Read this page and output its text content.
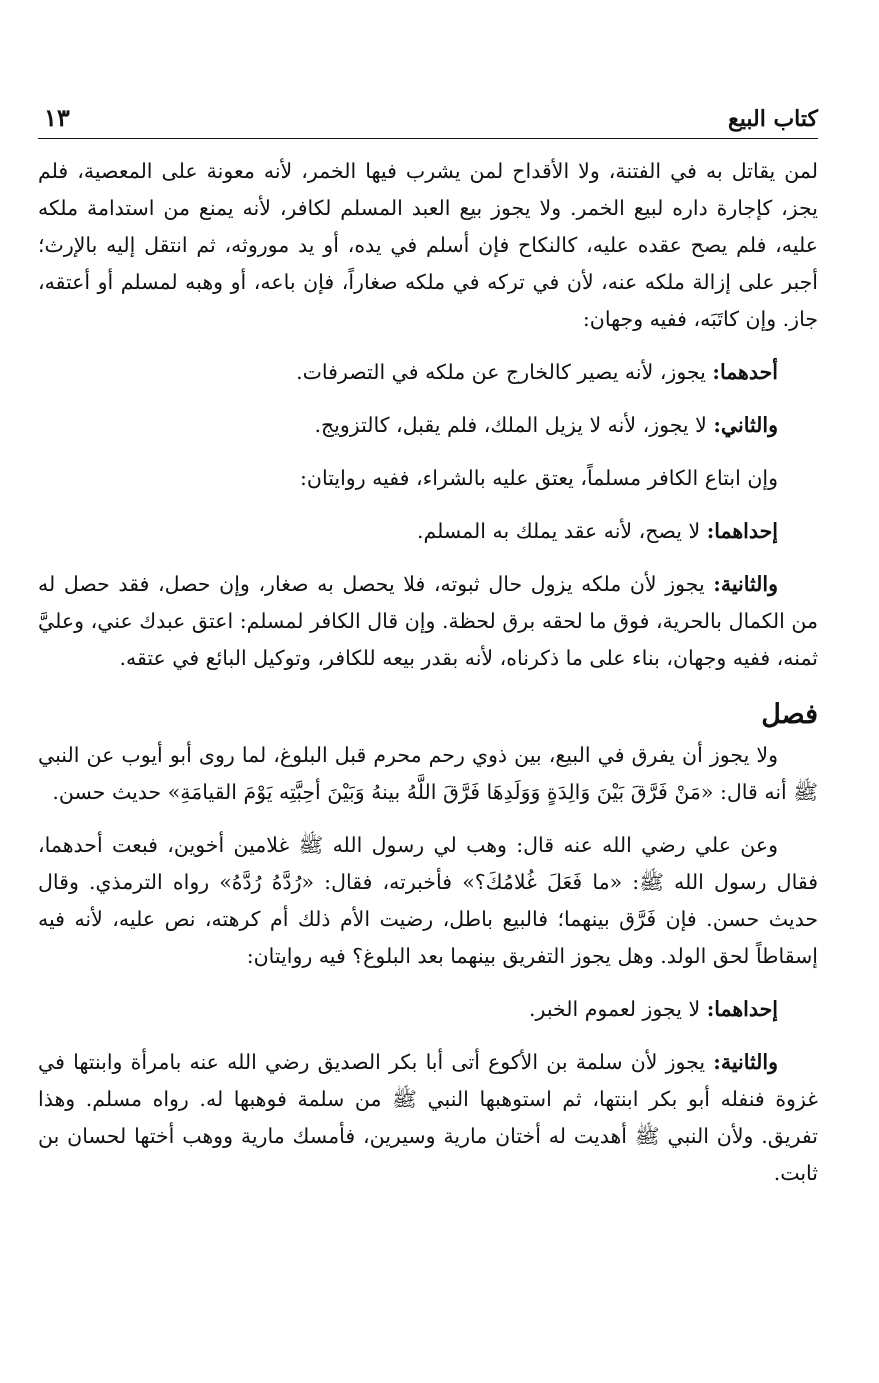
كتاب البيع
١٣

لمن يقاتل به في الفتنة، ولا الأقداح لمن يشرب فيها الخمر، لأنه معونة على المعصية، فلم يجز، كإجارة داره لبيع الخمر. ولا يجوز بيع العبد المسلم لكافر، لأنه يمنع من استدامة ملكه عليه، فلم يصح عقده عليه، كالنكاح فإن أسلم في يده، أو يد موروثه، ثم انتقل إليه بالإرث؛ أجبر على إزالة ملكه عنه، لأن في تركه في ملكه صغاراً، فإن باعه، أو وهبه لمسلم أو أعتقه، جاز. وإن كاتَبَه، ففيه وجهان:

أحدهما: يجوز، لأنه يصير كالخارج عن ملكه في التصرفات.

والثاني: لا يجوز، لأنه لا يزيل الملك، فلم يقبل، كالتزويج.

وإن ابتاع الكافر مسلماً، يعتق عليه بالشراء، ففيه روايتان:

إحداهما: لا يصح، لأنه عقد يملك به المسلم.

والثانية: يجوز لأن ملكه يزول حال ثبوته، فلا يحصل به صغار، وإن حصل، فقد حصل له من الكمال بالحرية، فوق ما لحقه برق لحظة. وإن قال الكافر لمسلم: اعتق عبدك عني، وعليَّ ثمنه، ففيه وجهان، بناء على ما ذكرناه، لأنه بقدر بيعه للكافر، وتوكيل البائع في عتقه.

فصل

ولا يجوز أن يفرق في البيع، بين ذوي رحم محرم قبل البلوغ، لما روى أبو أيوب عن النبي ﷺ أنه قال: «مَنْ فَرَّقَ بَيْنَ وَالِدَةٍ وَوَلَدِهَا فَرَّقَ اللَّهُ بينهُ وَبَيْنَ أحِبَّتِه يَوْمَ القيامَةِ» حديث حسن.

وعن علي رضي الله عنه قال: وهب لي رسول الله ﷺ غلامين أخوين، فبعت أحدهما، فقال رسول الله ﷺ: «ما فَعَلَ غُلامُكَ؟» فأخبرته، فقال: «رُدَّهُ رُدَّهُ» رواه الترمذي. وقال حديث حسن. فإن فَرَّق بينهما؛ فالبيع باطل، رضيت الأم ذلك أم كرهته، نص عليه، لأنه فيه إسقاطاً لحق الولد. وهل يجوز التفريق بينهما بعد البلوغ؟ فيه روايتان:

إحداهما: لا يجوز لعموم الخبر.

والثانية: يجوز لأن سلمة بن الأكوع أتى أبا بكر الصديق رضي الله عنه بامرأة وابنتها في غزوة فنفله أبو بكر ابنتها، ثم استوهبها النبي ﷺ من سلمة فوهبها له. رواه مسلم. وهذا تفريق. ولأن النبي ﷺ أهديت له أختان مارية وسيرين، فأمسك مارية ووهب أختها لحسان بن ثابت.
